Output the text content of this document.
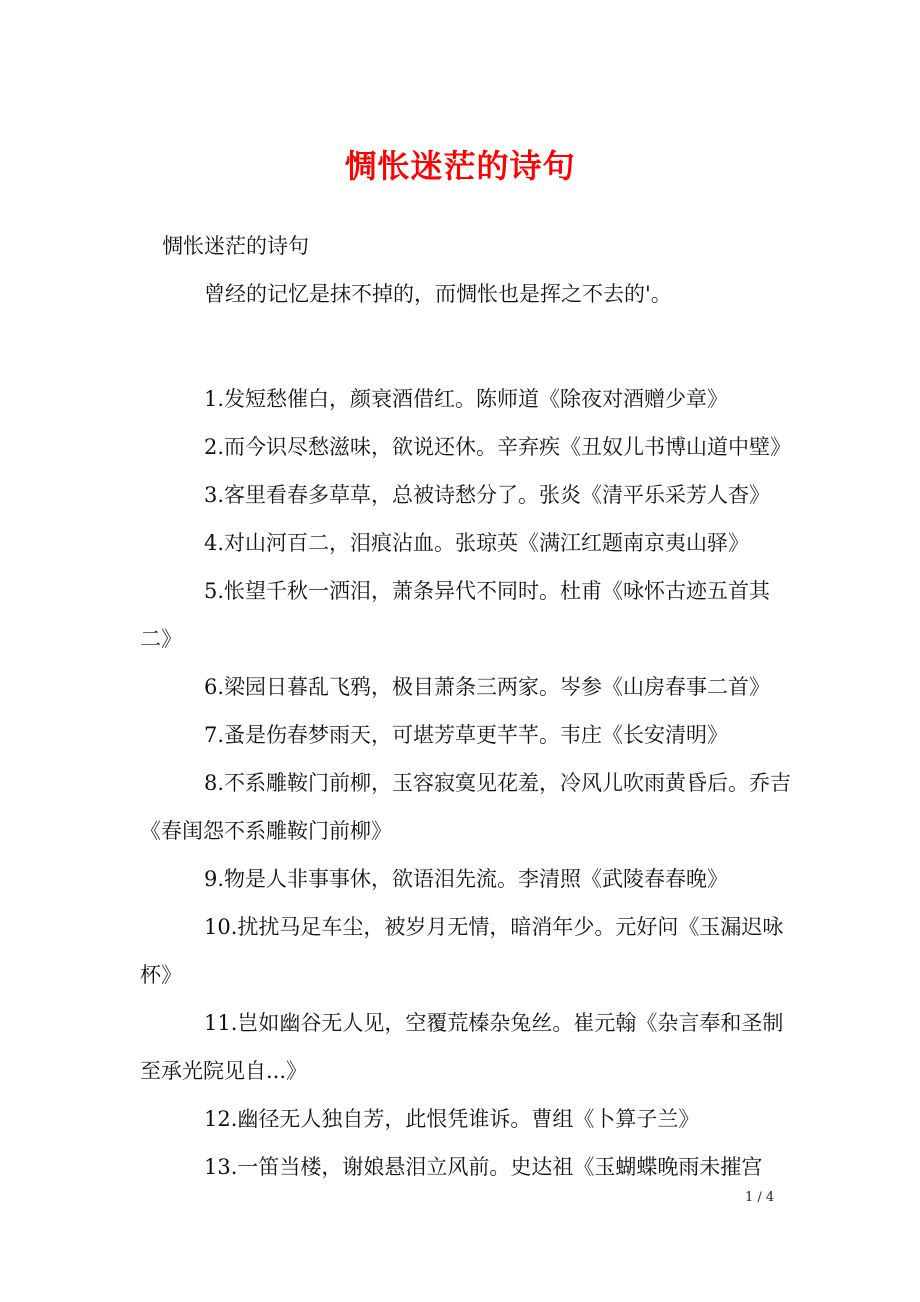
惆怅迷茫的诗句

惆怅迷茫的诗句

曾经的记忆是抹不掉的，而惆怅也是挥之不去的'。

1.发短愁催白，颜衰酒借红。陈师道《除夜对酒赠少章》
2.而今识尽愁滋味，欲说还休。辛弃疾《丑奴儿书博山道中壁》
3.客里看春多草草，总被诗愁分了。张炎《清平乐采芳人杳》
4.对山河百二，泪痕沾血。张琼英《满江红题南京夷山驿》
5.怅望千秋一洒泪，萧条异代不同时。杜甫《咏怀古迹五首其二》
6.梁园日暮乱飞鸦，极目萧条三两家。岑参《山房春事二首》
7.蚤是伤春梦雨天，可堪芳草更芊芊。韦庄《长安清明》
8.不系雕鞍门前柳，玉容寂寞见花羞，冷风儿吹雨黄昏后。乔吉《春闺怨不系雕鞍门前柳》
9.物是人非事事休，欲语泪先流。李清照《武陵春春晚》
10.扰扰马足车尘，被岁月无情，暗消年少。元好问《玉漏迟咏杯》
11.岂如幽谷无人见，空覆荒榛杂兔丝。崔元翰《杂言奉和圣制至承光院见自...》
12.幽径无人独自芳，此恨凭谁诉。曹组《卜算子兰》
13.一笛当楼，谢娘悬泪立风前。史达祖《玉蝴蝶晚雨未摧宫
1 / 4
